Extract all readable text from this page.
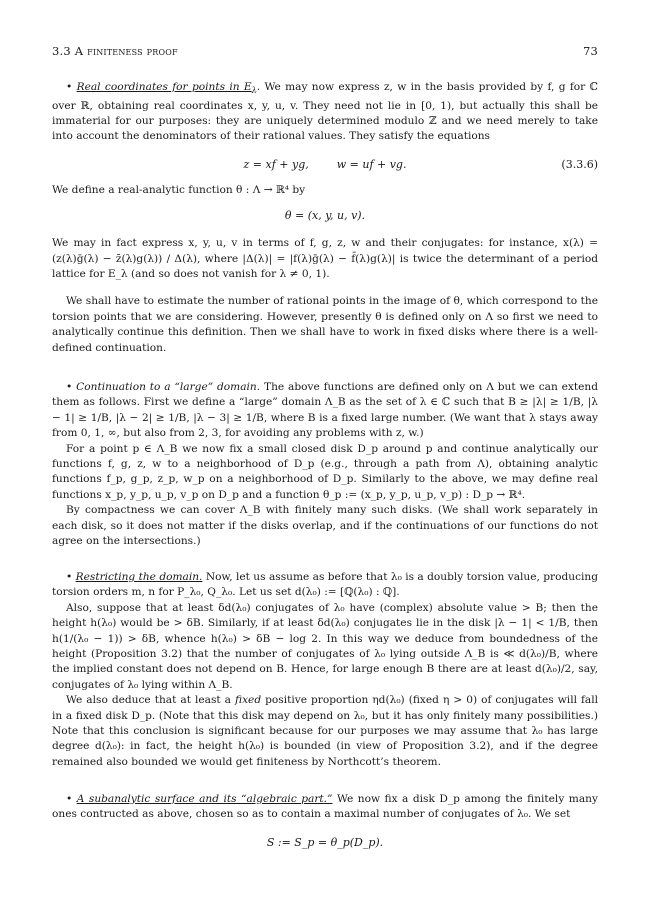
3.3 A finiteness proof	73

• Real coordinates for points in $E_\lambda$. We may now express z, w in the basis provided by f, g for ℂ over ℝ, obtaining real coordinates x, y, u, v. They need not lie in [0, 1), but actually this shall be immaterial for our purposes: they are uniquely determined modulo ℤ and we need merely to take into account the denominators of their rational values. They satisfy the equations

z = xf + yg,        w = uf + vg.	(3.3.6)

We define a real-analytic function θ : Λ → ℝ⁴ by

θ = (x, y, u, v).

We may in fact express x, y, u, v in terms of f, g, z, w and their conjugates: for instance, x(λ) = (z(λ)ḡ(λ) − z̄(λ)g(λ)) / Δ(λ), where |Δ(λ)| = |f(λ)ḡ(λ) − f̄(λ)g(λ)| is twice the determinant of a period lattice for E_λ (and so does not vanish for λ ≠ 0, 1).

We shall have to estimate the number of rational points in the image of θ, which correspond to the torsion points that we are considering. However, presently θ is defined only on Λ so first we need to analytically continue this definition. Then we shall have to work in fixed disks where there is a well-defined continuation.

• Continuation to a “large” domain. The above functions are defined only on Λ but we can extend them as follows. First we define a “large” domain Λ_B as the set of λ ∈ ℂ such that B ≥ |λ| ≥ 1/B, |λ − 1| ≥ 1/B, |λ − 2| ≥ 1/B, |λ − 3| ≥ 1/B, where B is a fixed large number. (We want that λ stays away from 0, 1, ∞, but also from 2, 3, for avoiding any problems with z, w.)

For a point p ∈ Λ_B we now fix a small closed disk D_p around p and continue analytically our functions f, g, z, w to a neighborhood of D_p (e.g., through a path from Λ), obtaining analytic functions f_p, g_p, z_p, w_p on a neighborhood of D_p. Similarly to the above, we may define real functions x_p, y_p, u_p, v_p on D_p and a function θ_p := (x_p, y_p, u_p, v_p) : D_p → ℝ⁴.

By compactness we can cover Λ_B with finitely many such disks. (We shall work separately in each disk, so it does not matter if the disks overlap, and if the continuations of our functions do not agree on the intersections.)

• Restricting the domain. Now, let us assume as before that λ₀ is a doubly torsion value, producing torsion orders m, n for P_λ₀, Q_λ₀. Let us set d(λ₀) := [ℚ(λ₀) : ℚ].

Also, suppose that at least δd(λ₀) conjugates of λ₀ have (complex) absolute value > B; then the height h(λ₀) would be > δB. Similarly, if at least δd(λ₀) conjugates lie in the disk |λ − 1| < 1/B, then h(1/(λ₀ − 1)) > δB, whence h(λ₀) > δB − log 2. In this way we deduce from boundedness of the height (Proposition 3.2) that the number of conjugates of λ₀ lying outside Λ_B is ≪ d(λ₀)/B, where the implied constant does not depend on B. Hence, for large enough B there are at least d(λ₀)/2, say, conjugates of λ₀ lying within Λ_B.

We also deduce that at least a fixed positive proportion ηd(λ₀) (fixed η > 0) of conjugates will fall in a fixed disk D_p. (Note that this disk may depend on λ₀, but it has only finitely many possibilities.) Note that this conclusion is significant because for our purposes we may assume that λ₀ has large degree d(λ₀): in fact, the height h(λ₀) is bounded (in view of Proposition 3.2), and if the degree remained also bounded we would get finiteness by Northcott’s theorem.

• A subanalytic surface and its “algebraic part.” We now fix a disk D_p among the finitely many ones contructed as above, chosen so as to contain a maximal number of conjugates of λ₀. We set

S := S_p = θ_p(D_p).
